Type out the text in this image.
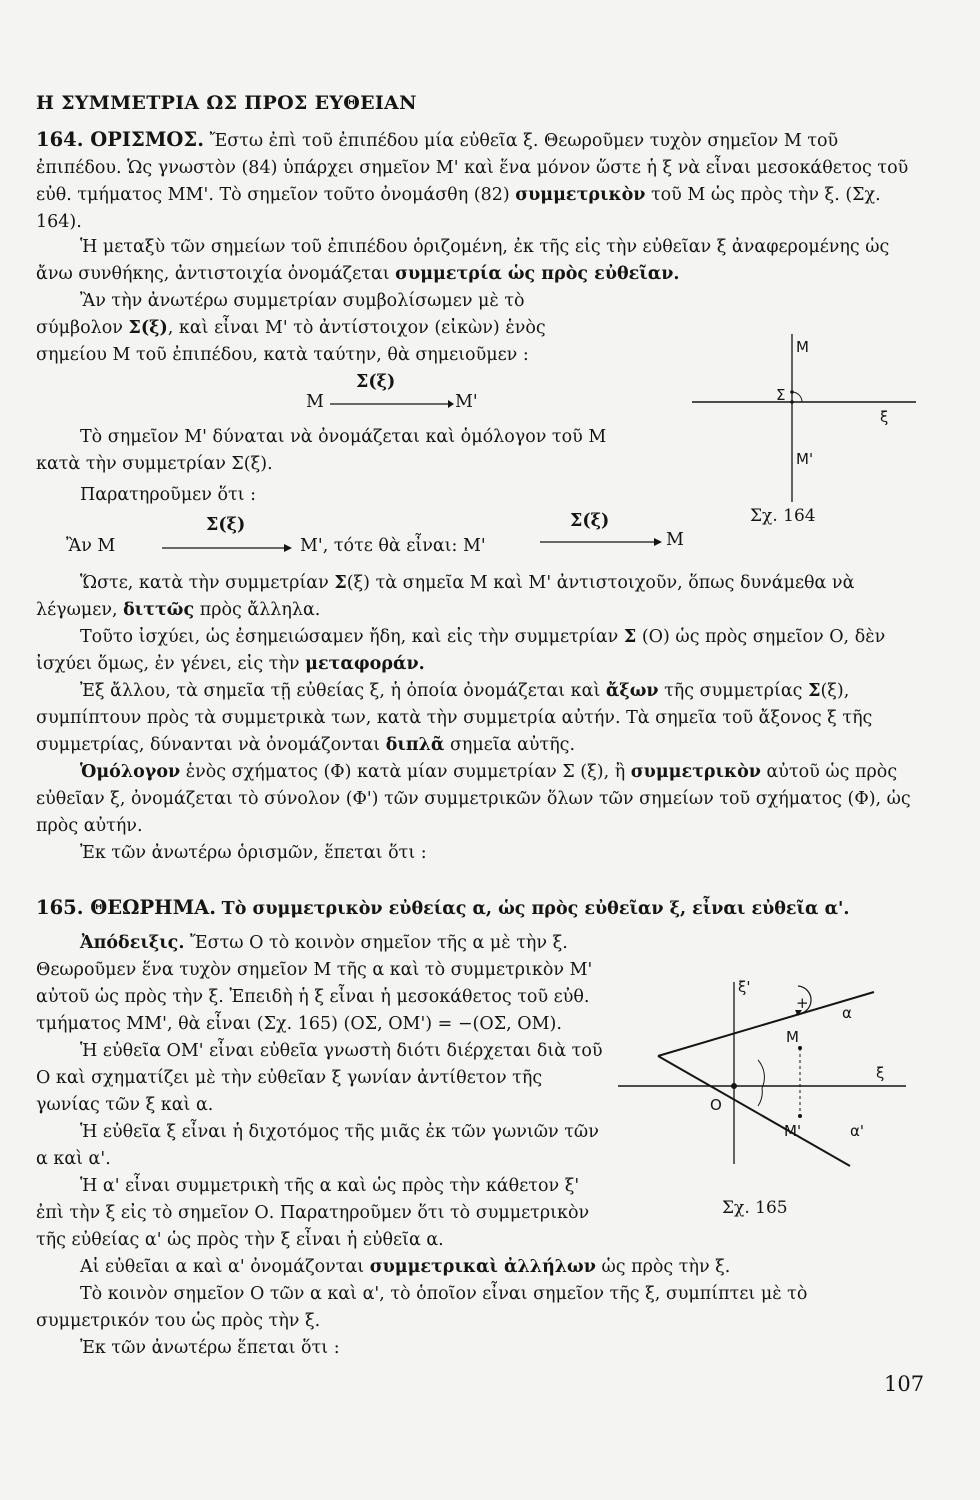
Η ΣΥΜΜΕΤΡΙΑ ΩΣ ΠΡΟΣ ΕΥΘΕΙΑΝ
164. ΟΡΙΣΜΟΣ. Ἔστω ἐπὶ τοῦ ἐπιπέδου μία εὐθεῖα ξ. Θεωροῦμεν τυχὸν σημεῖον Μ τοῦ ἐπιπέδου. Ὡς γνωστὸν (84) ὑπάρχει σημεῖον Μ' καὶ ἕνα μόνον ὥστε ἡ ξ νὰ εἶναι μεσοκάθετος τοῦ εὐθ. τμήματος ΜΜ'. Τὸ σημεῖον τοῦτο ὀνομάσθη (82) συμμετρικὸν τοῦ Μ ὡς πρὸς τὴν ξ. (Σχ. 164).
Ἡ μεταξὺ τῶν σημείων τοῦ ἐπιπέδου ὁριζομένη, ἐκ τῆς εἰς τὴν εὐθεῖαν ξ ἀναφερομένης ὡς ἄνω συνθήκης, ἀντιστοιχία ὀνομάζεται συμμετρία ὡς πρὸς εὐθεῖαν.
Ἂν τὴν ἀνωτέρω συμμετρίαν συμβολίσωμεν μὲ τὸ σύμβολον Σ(ξ), καὶ εἶναι Μ' τὸ ἀντίστοιχον (εἰκὼν) ἑνὸς σημείου Μ τοῦ ἐπιπέδου, κατὰ ταύτην, θὰ σημειοῦμεν :
Σ(ξ)
Μ	Μ'
Τὸ σημεῖον Μ' δύναται νὰ ὀνομάζεται καὶ ὁμόλογον τοῦ Μ κατὰ τὴν συμμετρίαν Σ(ξ).
Παρατηροῦμεν ὅτι :
Σ(ξ)
Ἂν Μ	Μ', τότε θὰ εἶναι: Μ'
Σ(ξ)
Μ
Μ
Σ
ξ
Μ'
Σχ. 164
Ὥστε, κατὰ τὴν συμμετρίαν Σ(ξ) τὰ σημεῖα Μ καὶ Μ' ἀντιστοιχοῦν, ὅπως δυνάμεθα νὰ λέγωμεν, διττῶς πρὸς ἄλληλα.
Τοῦτο ἰσχύει, ὡς ἐσημειώσαμεν ἤδη, καὶ εἰς τὴν συμμετρίαν Σ (Ο) ὡς πρὸς σημεῖον Ο, δὲν ἰσχύει ὅμως, ἐν γένει, εἰς τὴν μεταφοράν.
Ἐξ ἄλλου, τὰ σημεῖα τῇ εὐθείας ξ, ἡ ὁποία ὀνομάζεται καὶ ἄξων τῆς συμμετρίας Σ(ξ), συμπίπτουν πρὸς τὰ συμμετρικὰ των, κατὰ τὴν συμμετρία αὐτήν. Τὰ σημεῖα τοῦ ἄξονος ξ τῆς συμμετρίας, δύνανται νὰ ὀνομάζονται διπλᾶ σημεῖα αὐτῆς.
Ὁμόλογον ἑνὸς σχήματος (Φ) κατὰ μίαν συμμετρίαν Σ (ξ), ἢ συμμετρικὸν αὐτοῦ ὡς πρὸς εὐθεῖαν ξ, ὀνομάζεται τὸ σύνολον (Φ') τῶν συμμετρικῶν ὅλων τῶν σημείων τοῦ σχήματος (Φ), ὡς πρὸς αὐτήν.
Ἐκ τῶν ἀνωτέρω ὁρισμῶν, ἕπεται ὅτι :
165. ΘΕΩΡΗΜΑ. Τὸ συμμετρικὸν εὐθείας α, ὡς πρὸς εὐθεῖαν ξ, εἶναι εὐθεῖα α'.
Ἀπόδειξις. Ἔστω Ο τὸ κοινὸν σημεῖον τῆς α μὲ τὴν ξ. Θεωροῦμεν ἕνα τυχὸν σημεῖον Μ τῆς α καὶ τὸ συμμετρικὸν Μ' αὐτοῦ ὡς πρὸς τὴν ξ. Ἐπειδὴ ἡ ξ εἶναι ἡ μεσοκάθετος τοῦ εὐθ. τμήματος ΜΜ', θὰ εἶναι (Σχ. 165) (ΟΣ, ΟΜ') = −(ΟΣ, ΟΜ).
Ἡ εὐθεῖα ΟΜ' εἶναι εὐθεῖα γνωστὴ διότι διέρχεται διὰ τοῦ Ο καὶ σχηματίζει μὲ τὴν εὐθεῖαν ξ γωνίαν ἀντίθετον τῆς γωνίας τῶν ξ καὶ α.
Ἡ εὐθεῖα ξ εἶναι ἡ διχοτόμος τῆς μιᾶς ἐκ τῶν γωνιῶν τῶν α καὶ α'.
Ἡ α' εἶναι συμμετρικὴ τῆς α καὶ ὡς πρὸς τὴν κάθετον ξ' ἐπὶ τὴν ξ εἰς τὸ σημεῖον Ο. Παρατηροῦμεν ὅτι τὸ συμμετρικὸν τῆς εὐθείας α' ὡς πρὸς τὴν ξ εἶναι ἡ εὐθεῖα α.
ξ'
+
α
Μ
ξ
Ο
Μ'	α'
Σχ. 165
Αἱ εὐθεῖαι α καὶ α' ὀνομάζονται συμμετρικαὶ ἀλλήλων ὡς πρὸς τὴν ξ.
Τὸ κοινὸν σημεῖον Ο τῶν α καὶ α', τὸ ὁποῖον εἶναι σημεῖον τῆς ξ, συμπίπτει μὲ τὸ συμμετρικόν του ὡς πρὸς τὴν ξ.
Ἐκ τῶν ἀνωτέρω ἕπεται ὅτι :
107
